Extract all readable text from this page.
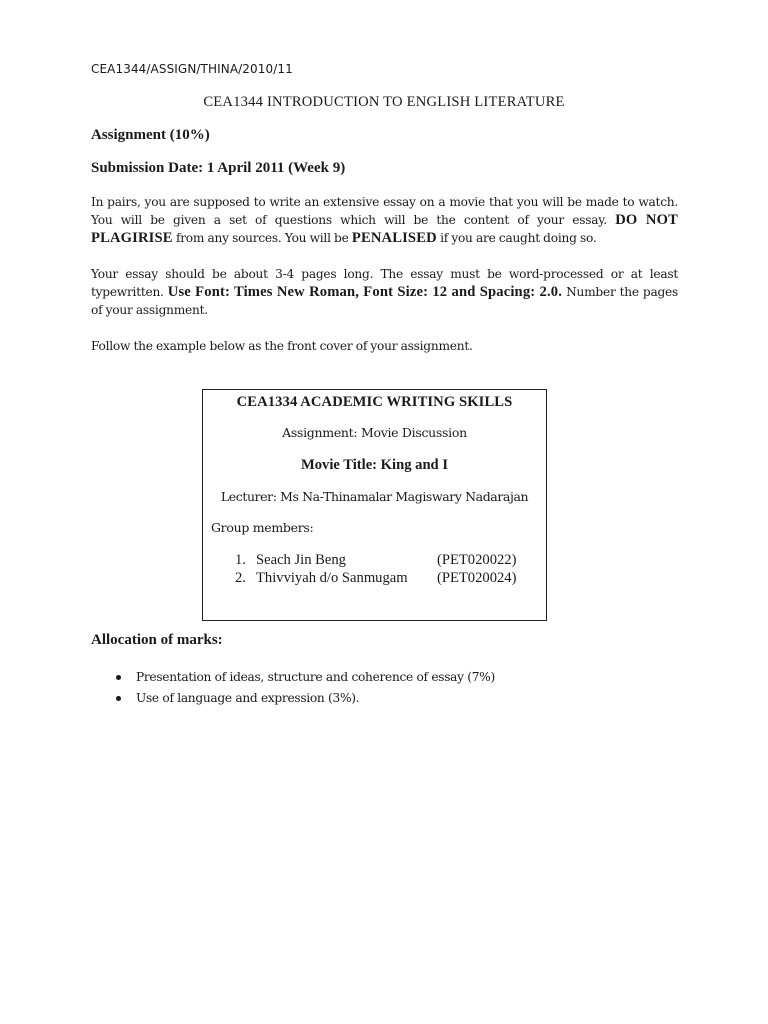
CEA1344/ASSIGN/THINA/2010/11
CEA1344 INTRODUCTION TO ENGLISH LITERATURE
Assignment (10%)
Submission Date: 1 April 2011 (Week 9)
In pairs, you are supposed to write an extensive essay on a movie that you will be made to watch.
You will be given a set of questions which will be the content of your essay. DO NOT
PLAGIRISE from any sources. You will be PENALISED if you are caught doing so.
Your essay should be about 3-4 pages long. The essay must be word-processed or at least typewritten. Use Font: Times New Roman, Font Size: 12 and Spacing: 2.0. Number the pages of your assignment.
Follow the example below as the front cover of your assignment.
CEA1334 ACADEMIC WRITING SKILLS
Assignment: Movie Discussion
Movie Title: King and I
Lecturer: Ms Na-Thinamalar Magiswary Nadarajan
Group members:
1. Seach Jin Beng	(PET020022)
2. Thivviyah d/o Sanmugam (PET020024)
Allocation of marks:
Presentation of ideas, structure and coherence of essay (7%)
Use of language and expression (3%).
